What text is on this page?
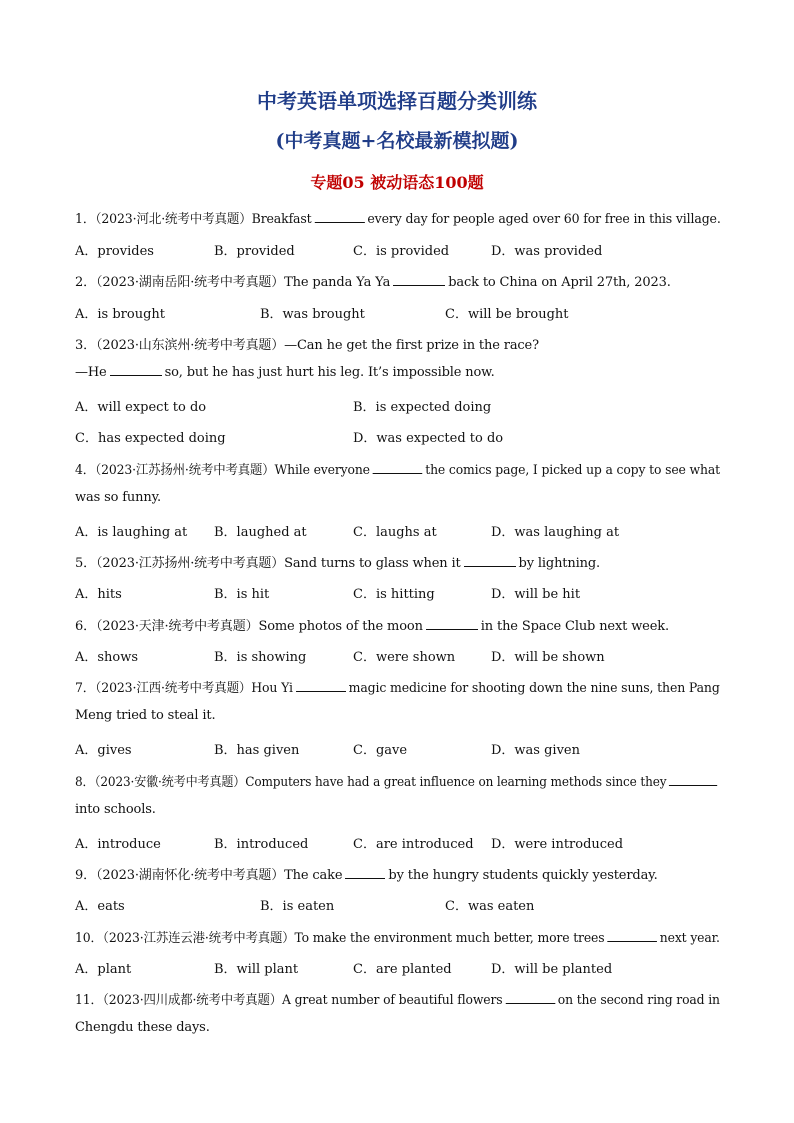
中考英语单项选择百题分类训练
(中考真题+名校最新模拟题)
专题05 被动语态100题
1．（2023·河北·统考中考真题）Breakfast	every day for people aged over 60 for free in this village.
A．provides	B．provided	C．is provided	D．was provided
2．（2023·湖南岳阳·统考中考真题）The panda Ya Ya	back to China on April 27th, 2023.
A．is brought	B．was brought	C．will be brought
3．（2023·山东滨州·统考中考真题）—Can he get the first prize in the race?
—He	so, but he has just hurt his leg. It’s impossible now.
A．will expect to do	B．is expected doing
C．has expected doing	D．was expected to do
4．（2023·江苏扬州·统考中考真题）While everyone	the comics page, I picked up a copy to see what
was so funny.
A．is laughing at B．laughed at	C．laughs at	D．was laughing at
5．（2023·江苏扬州·统考中考真题）Sand turns to glass when it	by lightning.
A．hits	B．is hit	C．is hitting	D．will be hit
6．（2023·天津·统考中考真题）Some photos of the moon	in the Space Club next week.
A．shows	B．is showing	C．were shown	D．will be shown
7．（2023·江西·统考中考真题）Hou Yi	magic medicine for shooting down the nine suns, then Pang
Meng tried to steal it.
A．gives	B．has given	C．gave	D．was given
8．（2023·安徽·统考中考真题）Computers have had a great influence on learning methods since they
into schools.
A．introduce	B．introduced	C．are introduced D．were introduced
9．（2023·湖南怀化·统考中考真题）The cake	by the hungry students quickly yesterday.
A．eats	B．is eaten	C．was eaten
10．（2023·江苏连云港·统考中考真题）To make the environment much better, more trees	next year.
A．plant	B．will plant	C．are planted	D．will be planted
11．（2023·四川成都·统考中考真题）A great number of beautiful flowers	on the second ring road in
Chengdu these days.
